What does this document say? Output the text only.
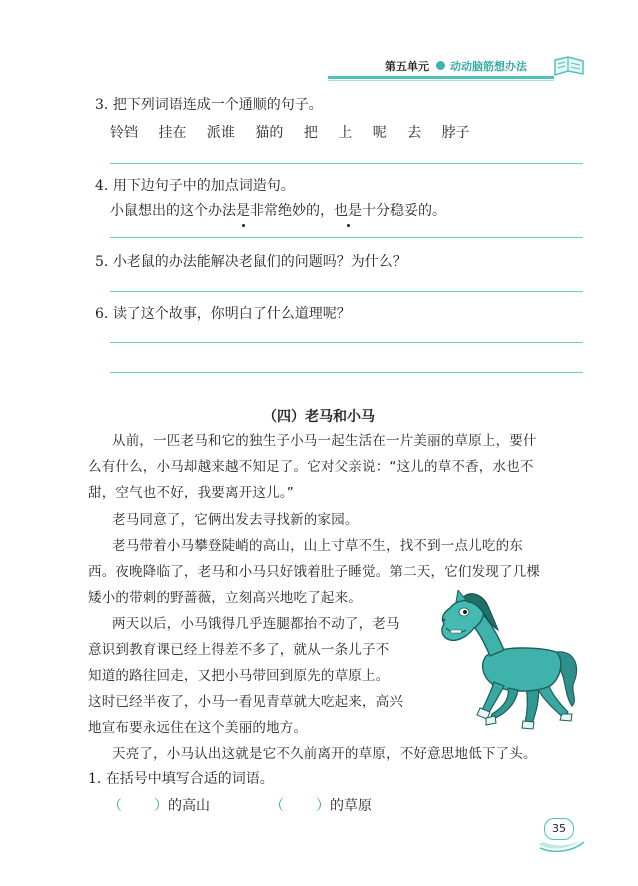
第五单元 动动脑筋想办法
3. 把下列词语连成一个通顺的句子。
铃铛 挂在 派谁 猫的 把 上 呢 去 脖子
4. 用下边句子中的加点词造句。
小鼠想出的这个办法是非常绝妙的，也是十分稳妥的。
5. 小老鼠的办法能解决老鼠们的问题吗？为什么？
6. 读了这个故事，你明白了什么道理呢？
（四）老马和小马
从前，一匹老马和它的独生子小马一起生活在一片美丽的草原上，要什
么有什么，小马却越来越不知足了。它对父亲说：“这儿的草不香，水也不
甜，空气也不好，我要离开这儿。”
老马同意了，它俩出发去寻找新的家园。
老马带着小马攀登陡峭的高山，山上寸草不生，找不到一点儿吃的东
西。夜晚降临了，老马和小马只好饿着肚子睡觉。第二天，它们发现了几棵
矮小的带刺的野蔷薇，立刻高兴地吃了起来。
两天以后，小马饿得几乎连腿都抬不动了，老马
意识到教育课已经上得差不多了，就从一条儿子不
知道的路往回走，又把小马带回到原先的草原上。
这时已经半夜了，小马一看见青草就大吃起来，高兴
地宣布要永远住在这个美丽的地方。
天亮了，小马认出这就是它不久前离开的草原，不好意思地低下了头。
1. 在括号中填写合适的词语。
（ ）的高山	（ ）的草原
35
